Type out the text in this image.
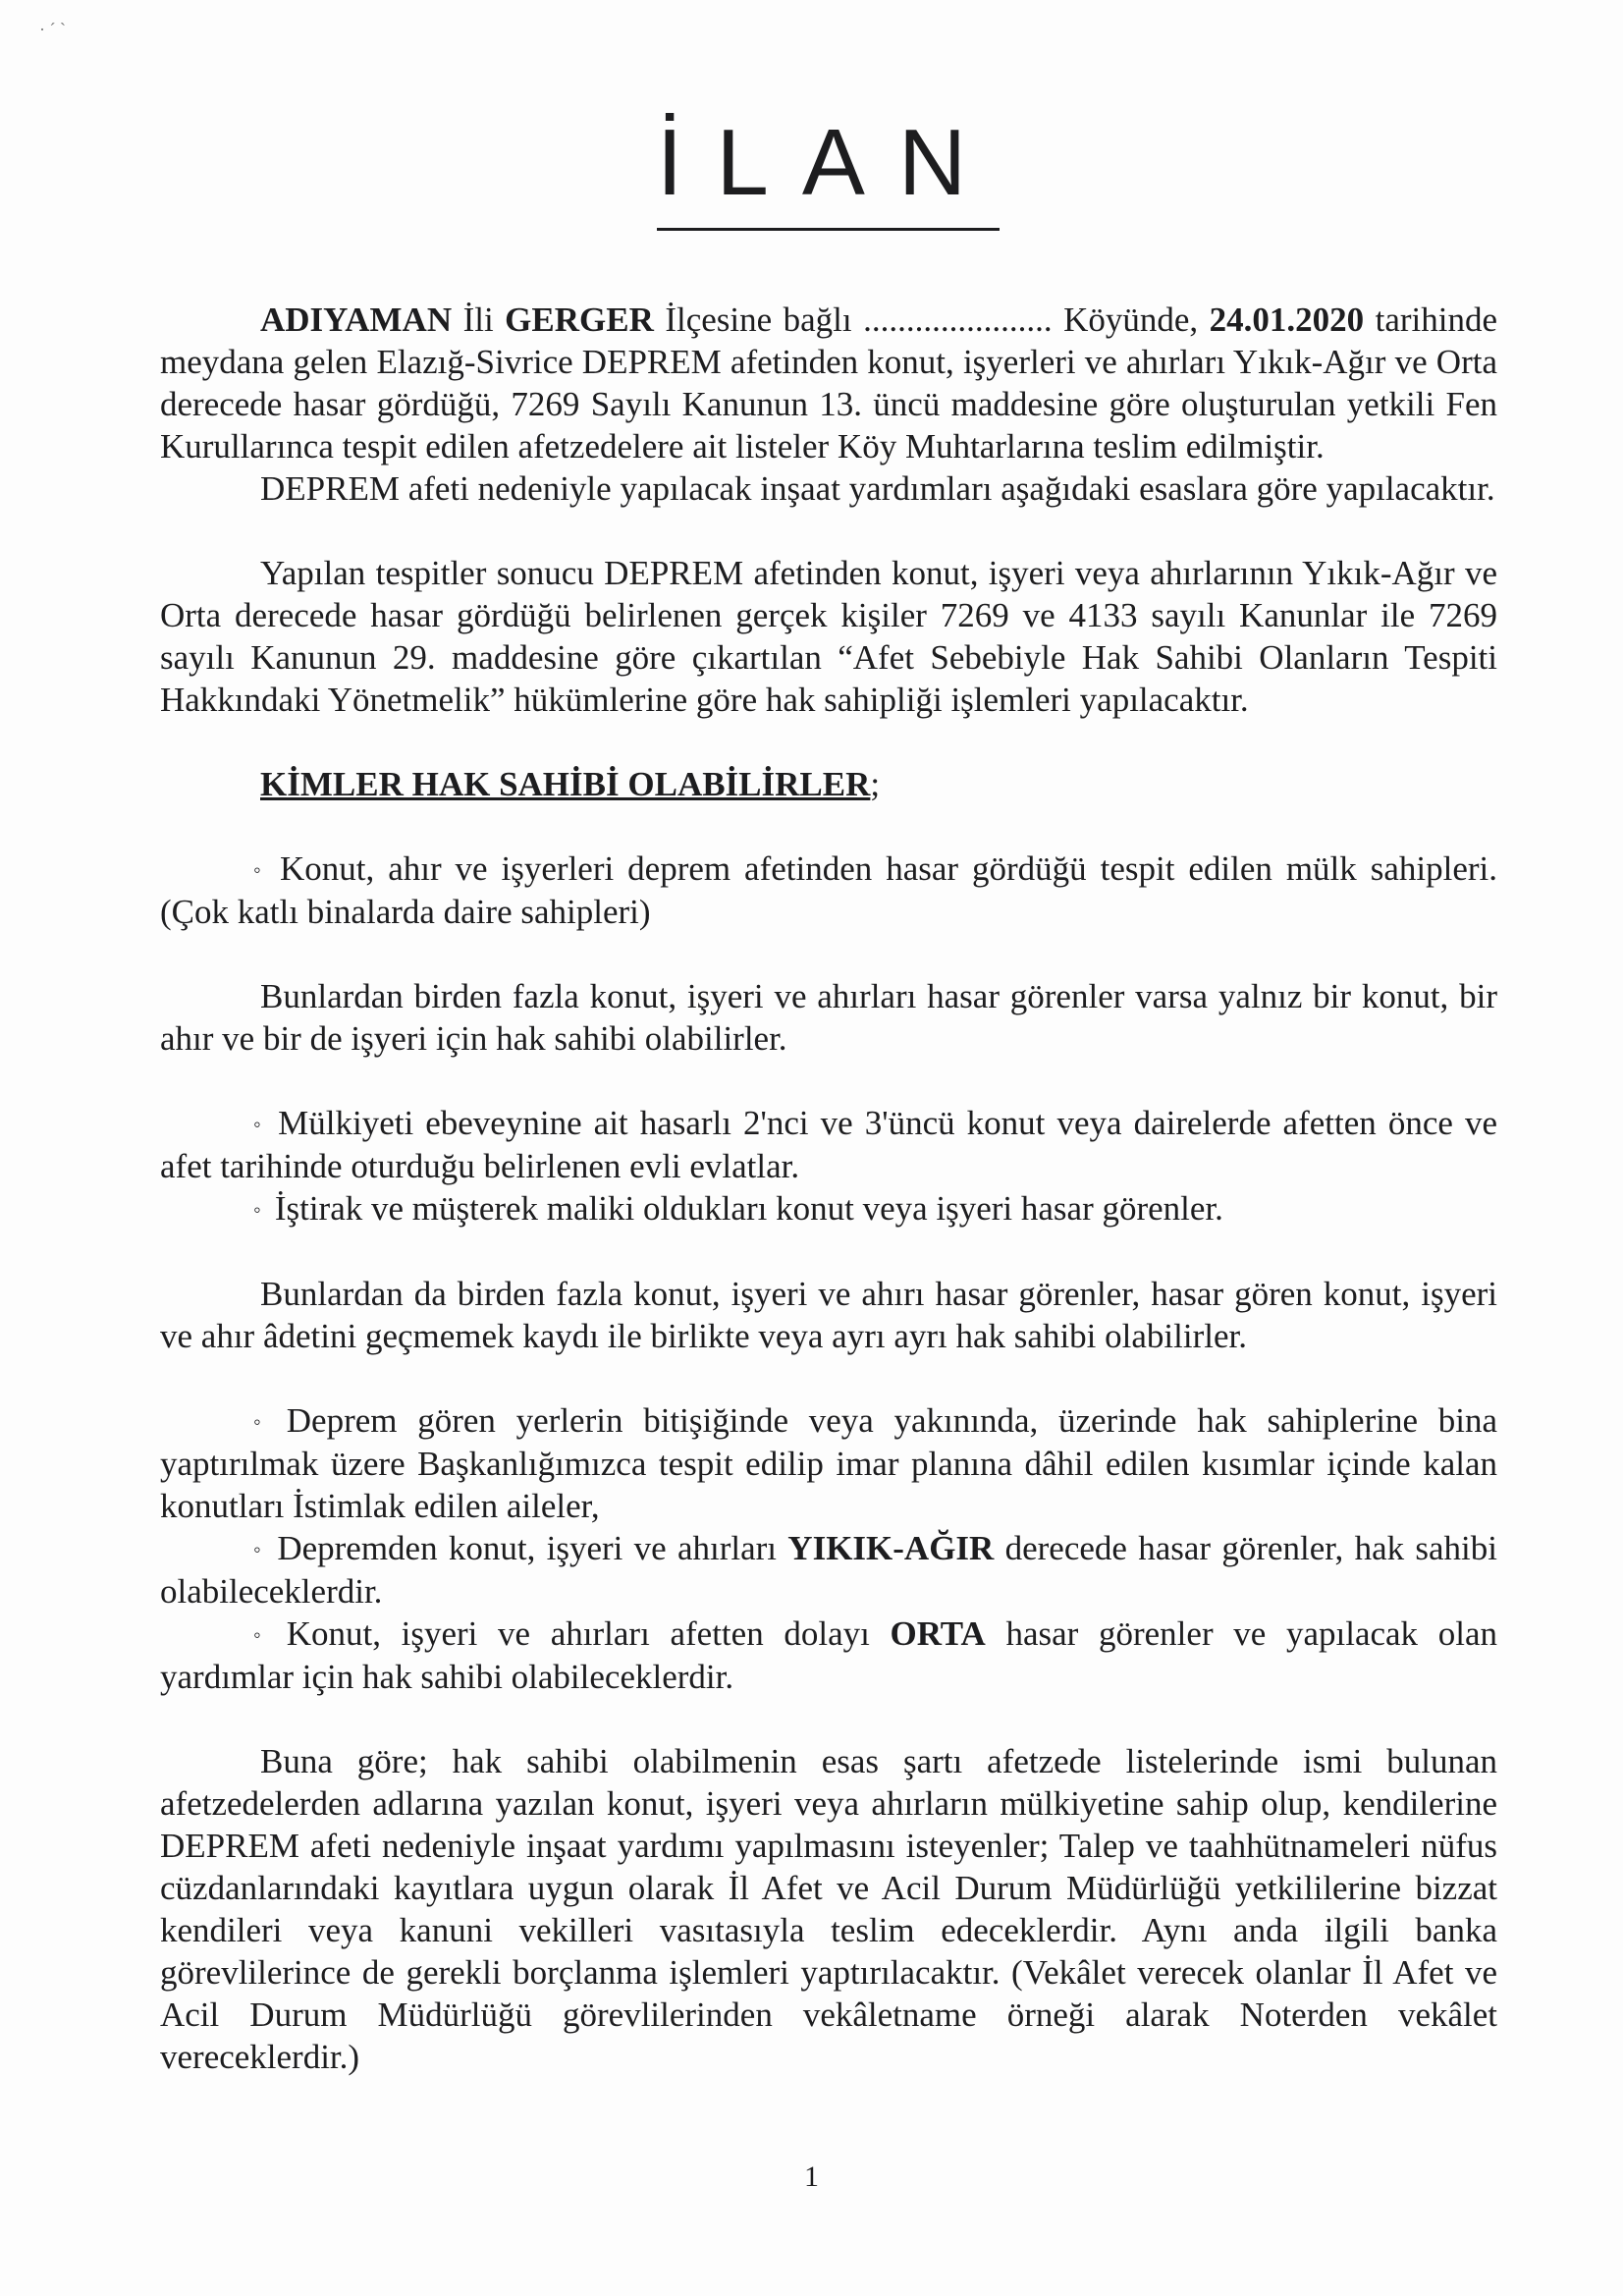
· ˊ ˋ
İLAN

ADIYAMAN İli GERGER İlçesine bağlı ...................... Köyünde, 24.01.2020 tarihinde meydana gelen Elazığ-Sivrice DEPREM afetinden konut, işyerleri ve ahırları Yıkık-Ağır ve Orta derecede hasar gördüğü, 7269 Sayılı Kanunun 13. üncü maddesine göre oluşturulan yetkili Fen Kurullarınca tespit edilen afetzedelere ait listeler Köy Muhtarlarına teslim edilmiştir.

DEPREM afeti nedeniyle yapılacak inşaat yardımları aşağıdaki esaslara göre yapılacaktır.

Yapılan tespitler sonucu DEPREM afetinden konut, işyeri veya ahırlarının Yıkık-Ağır ve Orta derecede hasar gördüğü belirlenen gerçek kişiler 7269 ve 4133 sayılı Kanunlar ile 7269 sayılı Kanunun 29. maddesine göre çıkartılan “Afet Sebebiyle Hak Sahibi Olanların Tespiti Hakkındaki Yönetmelik” hükümlerine göre hak sahipliği işlemleri yapılacaktır.

KİMLER HAK SAHİBİ OLABİLİRLER;

◦ Konut, ahır ve işyerleri deprem afetinden hasar gördüğü tespit edilen mülk sahipleri. (Çok katlı binalarda daire sahipleri)

Bunlardan birden fazla konut, işyeri ve ahırları hasar görenler varsa yalnız bir konut, bir ahır ve bir de işyeri için hak sahibi olabilirler.

◦ Mülkiyeti ebeveynine ait hasarlı 2'nci ve 3'üncü konut veya dairelerde afetten önce ve afet tarihinde oturduğu belirlenen evli evlatlar.

◦ İştirak ve müşterek maliki oldukları konut veya işyeri hasar görenler.

Bunlardan da birden fazla konut, işyeri ve ahırı hasar görenler, hasar gören konut, işyeri ve ahır âdetini geçmemek kaydı ile birlikte veya ayrı ayrı hak sahibi olabilirler.

◦ Deprem gören yerlerin bitişiğinde veya yakınında, üzerinde hak sahiplerine bina yaptırılmak üzere Başkanlığımızca tespit edilip imar planına dâhil edilen kısımlar içinde kalan konutları İstimlak edilen aileler,

◦ Depremden konut, işyeri ve ahırları YIKIK-AĞIR derecede hasar görenler, hak sahibi olabileceklerdir.

◦ Konut, işyeri ve ahırları afetten dolayı ORTA hasar görenler ve yapılacak olan yardımlar için hak sahibi olabileceklerdir.

Buna göre; hak sahibi olabilmenin esas şartı afetzede listelerinde ismi bulunan afetzedelerden adlarına yazılan konut, işyeri veya ahırların mülkiyetine sahip olup, kendilerine DEPREM afeti nedeniyle inşaat yardımı yapılmasını isteyenler; Talep ve taahhütnameleri nüfus cüzdanlarındaki kayıtlara uygun olarak İl Afet ve Acil Durum Müdürlüğü yetkililerine bizzat kendileri veya kanuni vekilleri vasıtasıyla teslim edeceklerdir. Aynı anda ilgili banka görevlilerince de gerekli borçlanma işlemleri yaptırılacaktır. (Vekâlet verecek olanlar İl Afet ve Acil Durum Müdürlüğü görevlilerinden vekâletname örneği alarak Noterden vekâlet vereceklerdir.)

1
